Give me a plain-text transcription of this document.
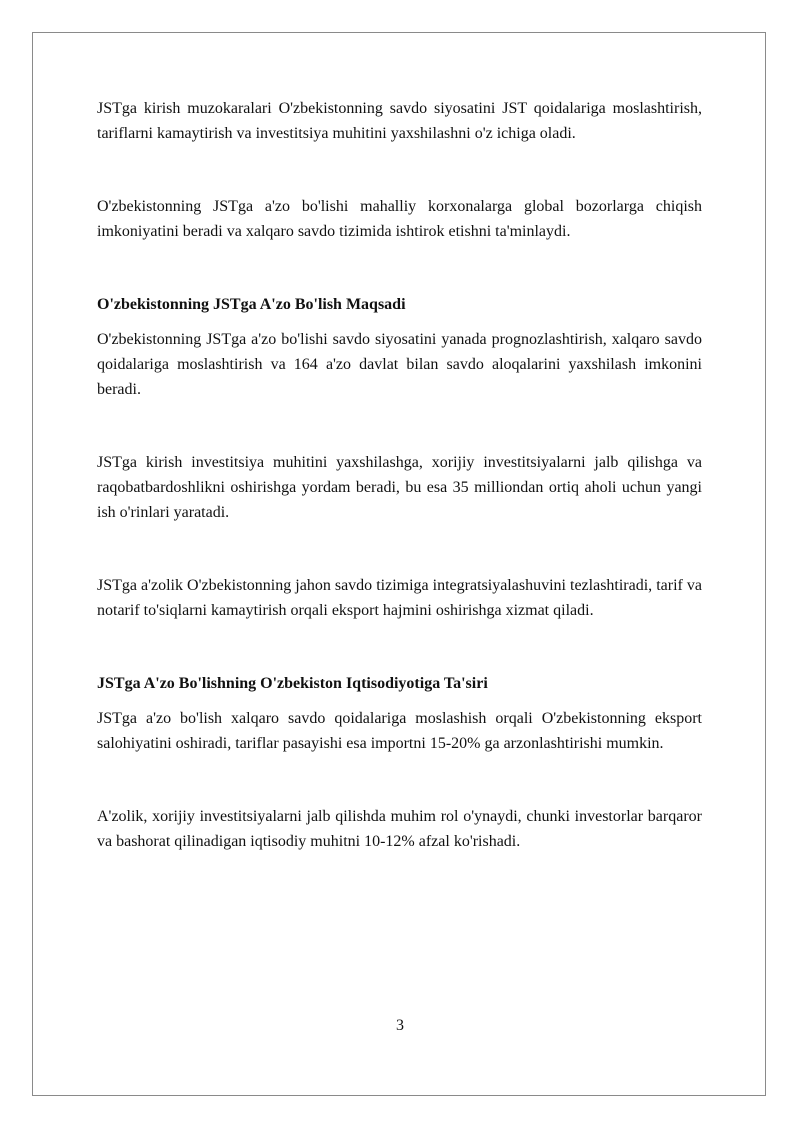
JSTga kirish muzokaralari O'zbekistonning savdo siyosatini JST qoidalariga moslashtirish, tariflarni kamaytirish va investitsiya muhitini yaxshilashni o'z ichiga oladi.

O'zbekistonning JSTga a'zo bo'lishi mahalliy korxonalarga global bozorlarga chiqish imkoniyatini beradi va xalqaro savdo tizimida ishtirok etishni ta'minlaydi.

O'zbekistonning JSTga A'zo Bo'lish Maqsadi

O'zbekistonning JSTga a'zo bo'lishi savdo siyosatini yanada prognozlashtirish, xalqaro savdo qoidalariga moslashtirish va 164 a'zo davlat bilan savdo aloqalarini yaxshilash imkonini beradi.

JSTga kirish investitsiya muhitini yaxshilashga, xorijiy investitsiyalarni jalb qilishga va raqobatbardoshlikni oshirishga yordam beradi, bu esa 35 milliondan ortiq aholi uchun yangi ish o'rinlari yaratadi.

JSTga a'zolik O'zbekistonning jahon savdo tizimiga integratsiyalashuvini tezlashtiradi, tarif va notarif to'siqlarni kamaytirish orqali eksport hajmini oshirishga xizmat qiladi.

JSTga A'zo Bo'lishning O'zbekiston Iqtisodiyotiga Ta'siri

JSTga a'zo bo'lish xalqaro savdo qoidalariga moslashish orqali O'zbekistonning eksport salohiyatini oshiradi, tariflar pasayishi esa importni 15-20% ga arzonlashtirishi mumkin.

A'zolik, xorijiy investitsiyalarni jalb qilishda muhim rol o'ynaydi, chunki investorlar barqaror va bashorat qilinadigan iqtisodiy muhitni 10-12% afzal ko'rishadi.

3
